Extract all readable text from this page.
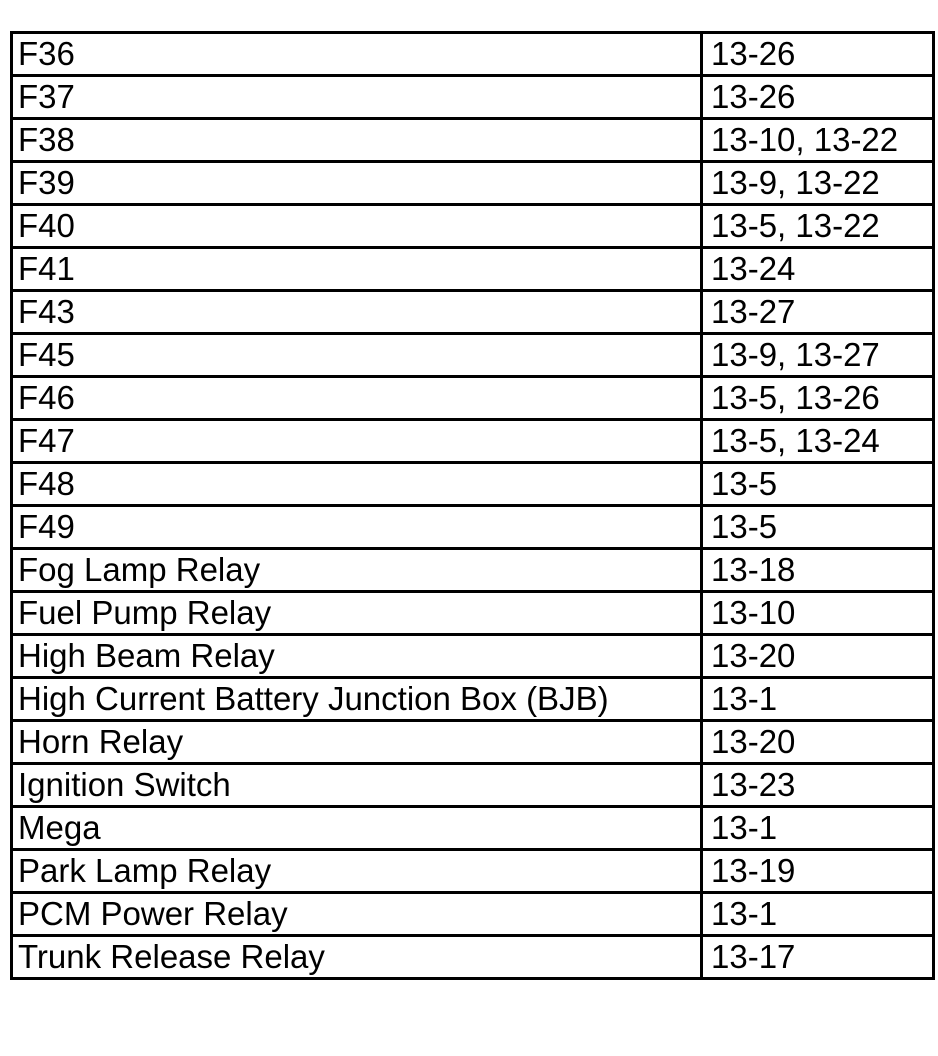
F36	13-26
F37	13-26
F38	13-10, 13-22
F39	13-9, 13-22
F40	13-5, 13-22
F41	13-24
F43	13-27
F45	13-9, 13-27
F46	13-5, 13-26
F47	13-5, 13-24
F48	13-5
F49	13-5
Fog Lamp Relay	13-18
Fuel Pump Relay	13-10
High Beam Relay	13-20
High Current Battery Junction Box (BJB)	13-1
Horn Relay	13-20
Ignition Switch	13-23
Mega	13-1
Park Lamp Relay	13-19
PCM Power Relay	13-1
Trunk Release Relay	13-17
